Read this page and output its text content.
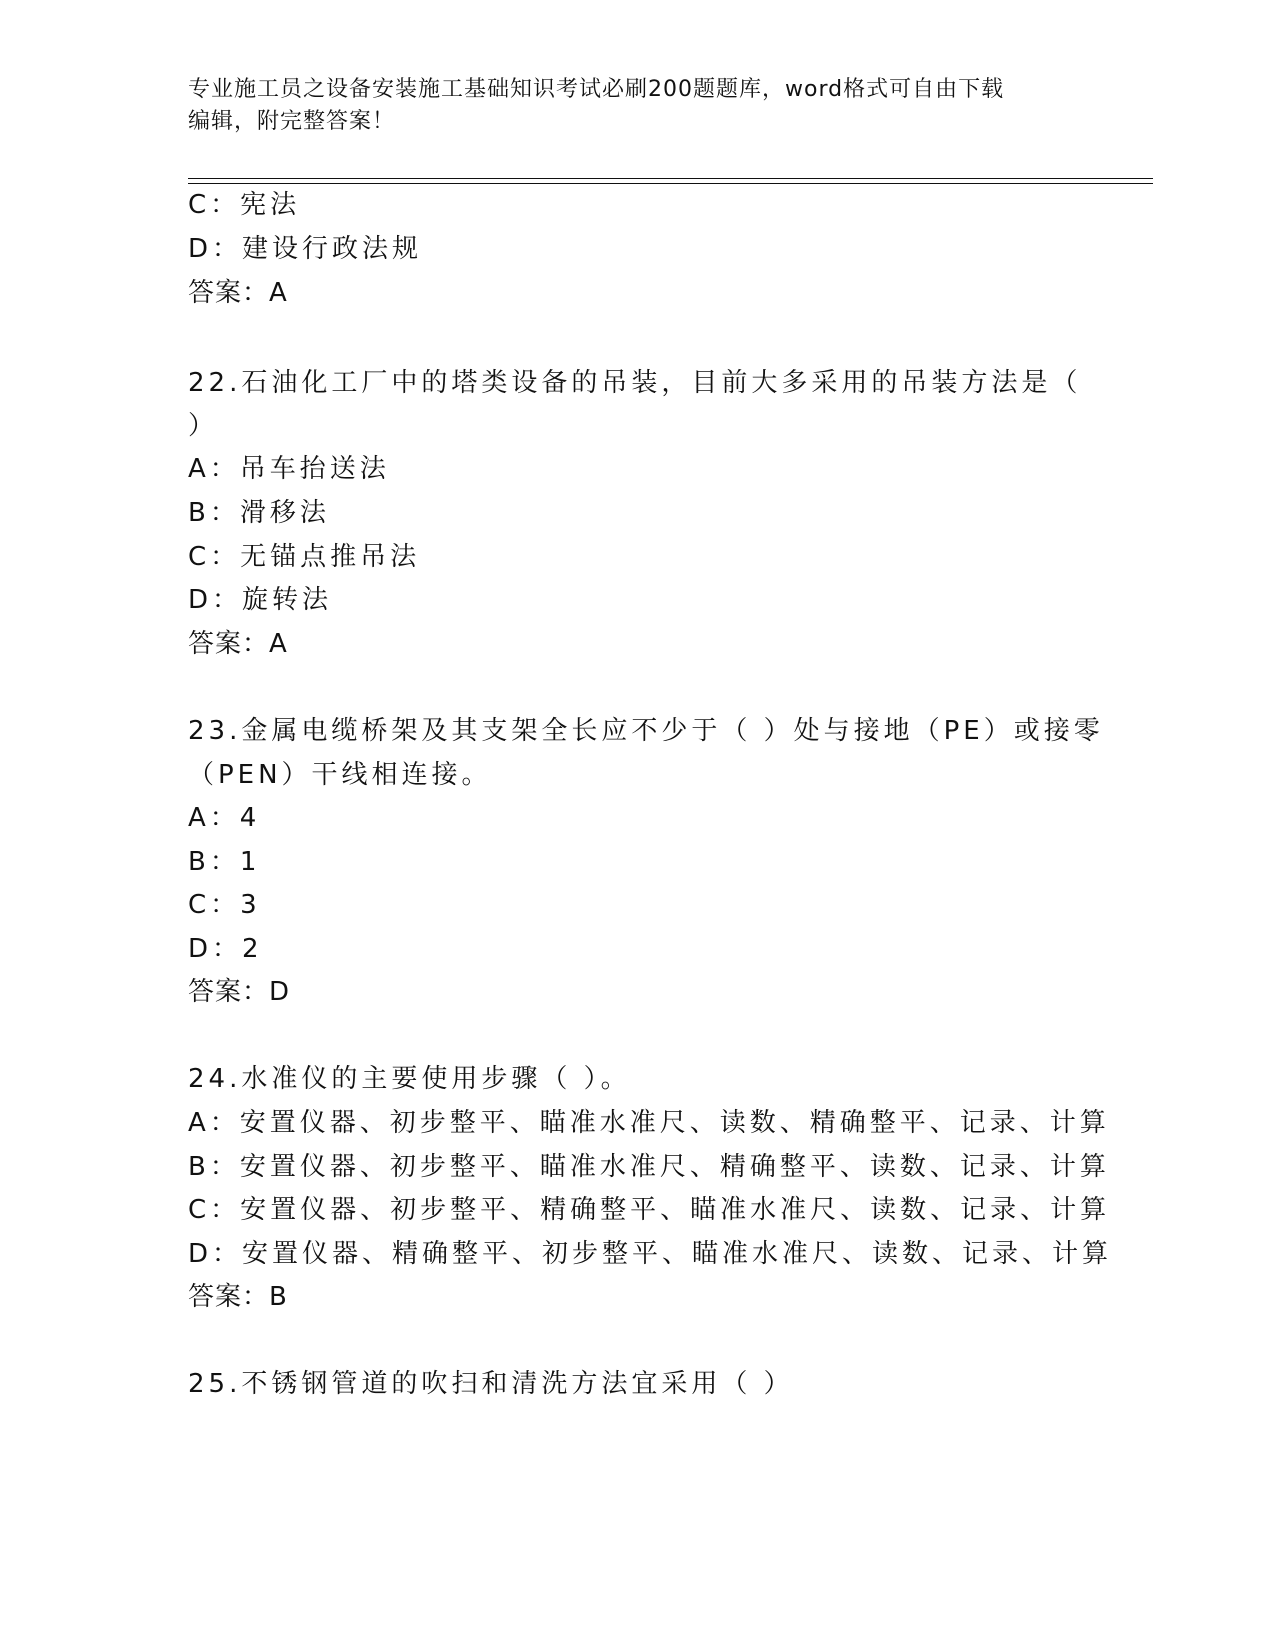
专业施工员之设备安装施工基础知识考试必刷200题题库，word格式可自由下载
编辑，附完整答案！
C：宪法
D：建设行政法规
答案：A
22.石油化工厂中的塔类设备的吊装，目前大多采用的吊装方法是（
）
A：吊车抬送法
B：滑移法
C：无锚点推吊法
D：旋转法
答案：A
23.金属电缆桥架及其支架全长应不少于（ ）处与接地（PE）或接零
（PEN）干线相连接。
A：4
B：1
C：3
D：2
答案：D
24.水准仪的主要使用步骤（ ）。
A：安置仪器、初步整平、瞄准水准尺、读数、精确整平、记录、计算
B：安置仪器、初步整平、瞄准水准尺、精确整平、读数、记录、计算
C：安置仪器、初步整平、精确整平、瞄准水准尺、读数、记录、计算
D：安置仪器、精确整平、初步整平、瞄准水准尺、读数、记录、计算
答案：B
25.不锈钢管道的吹扫和清洗方法宜采用（ ）
